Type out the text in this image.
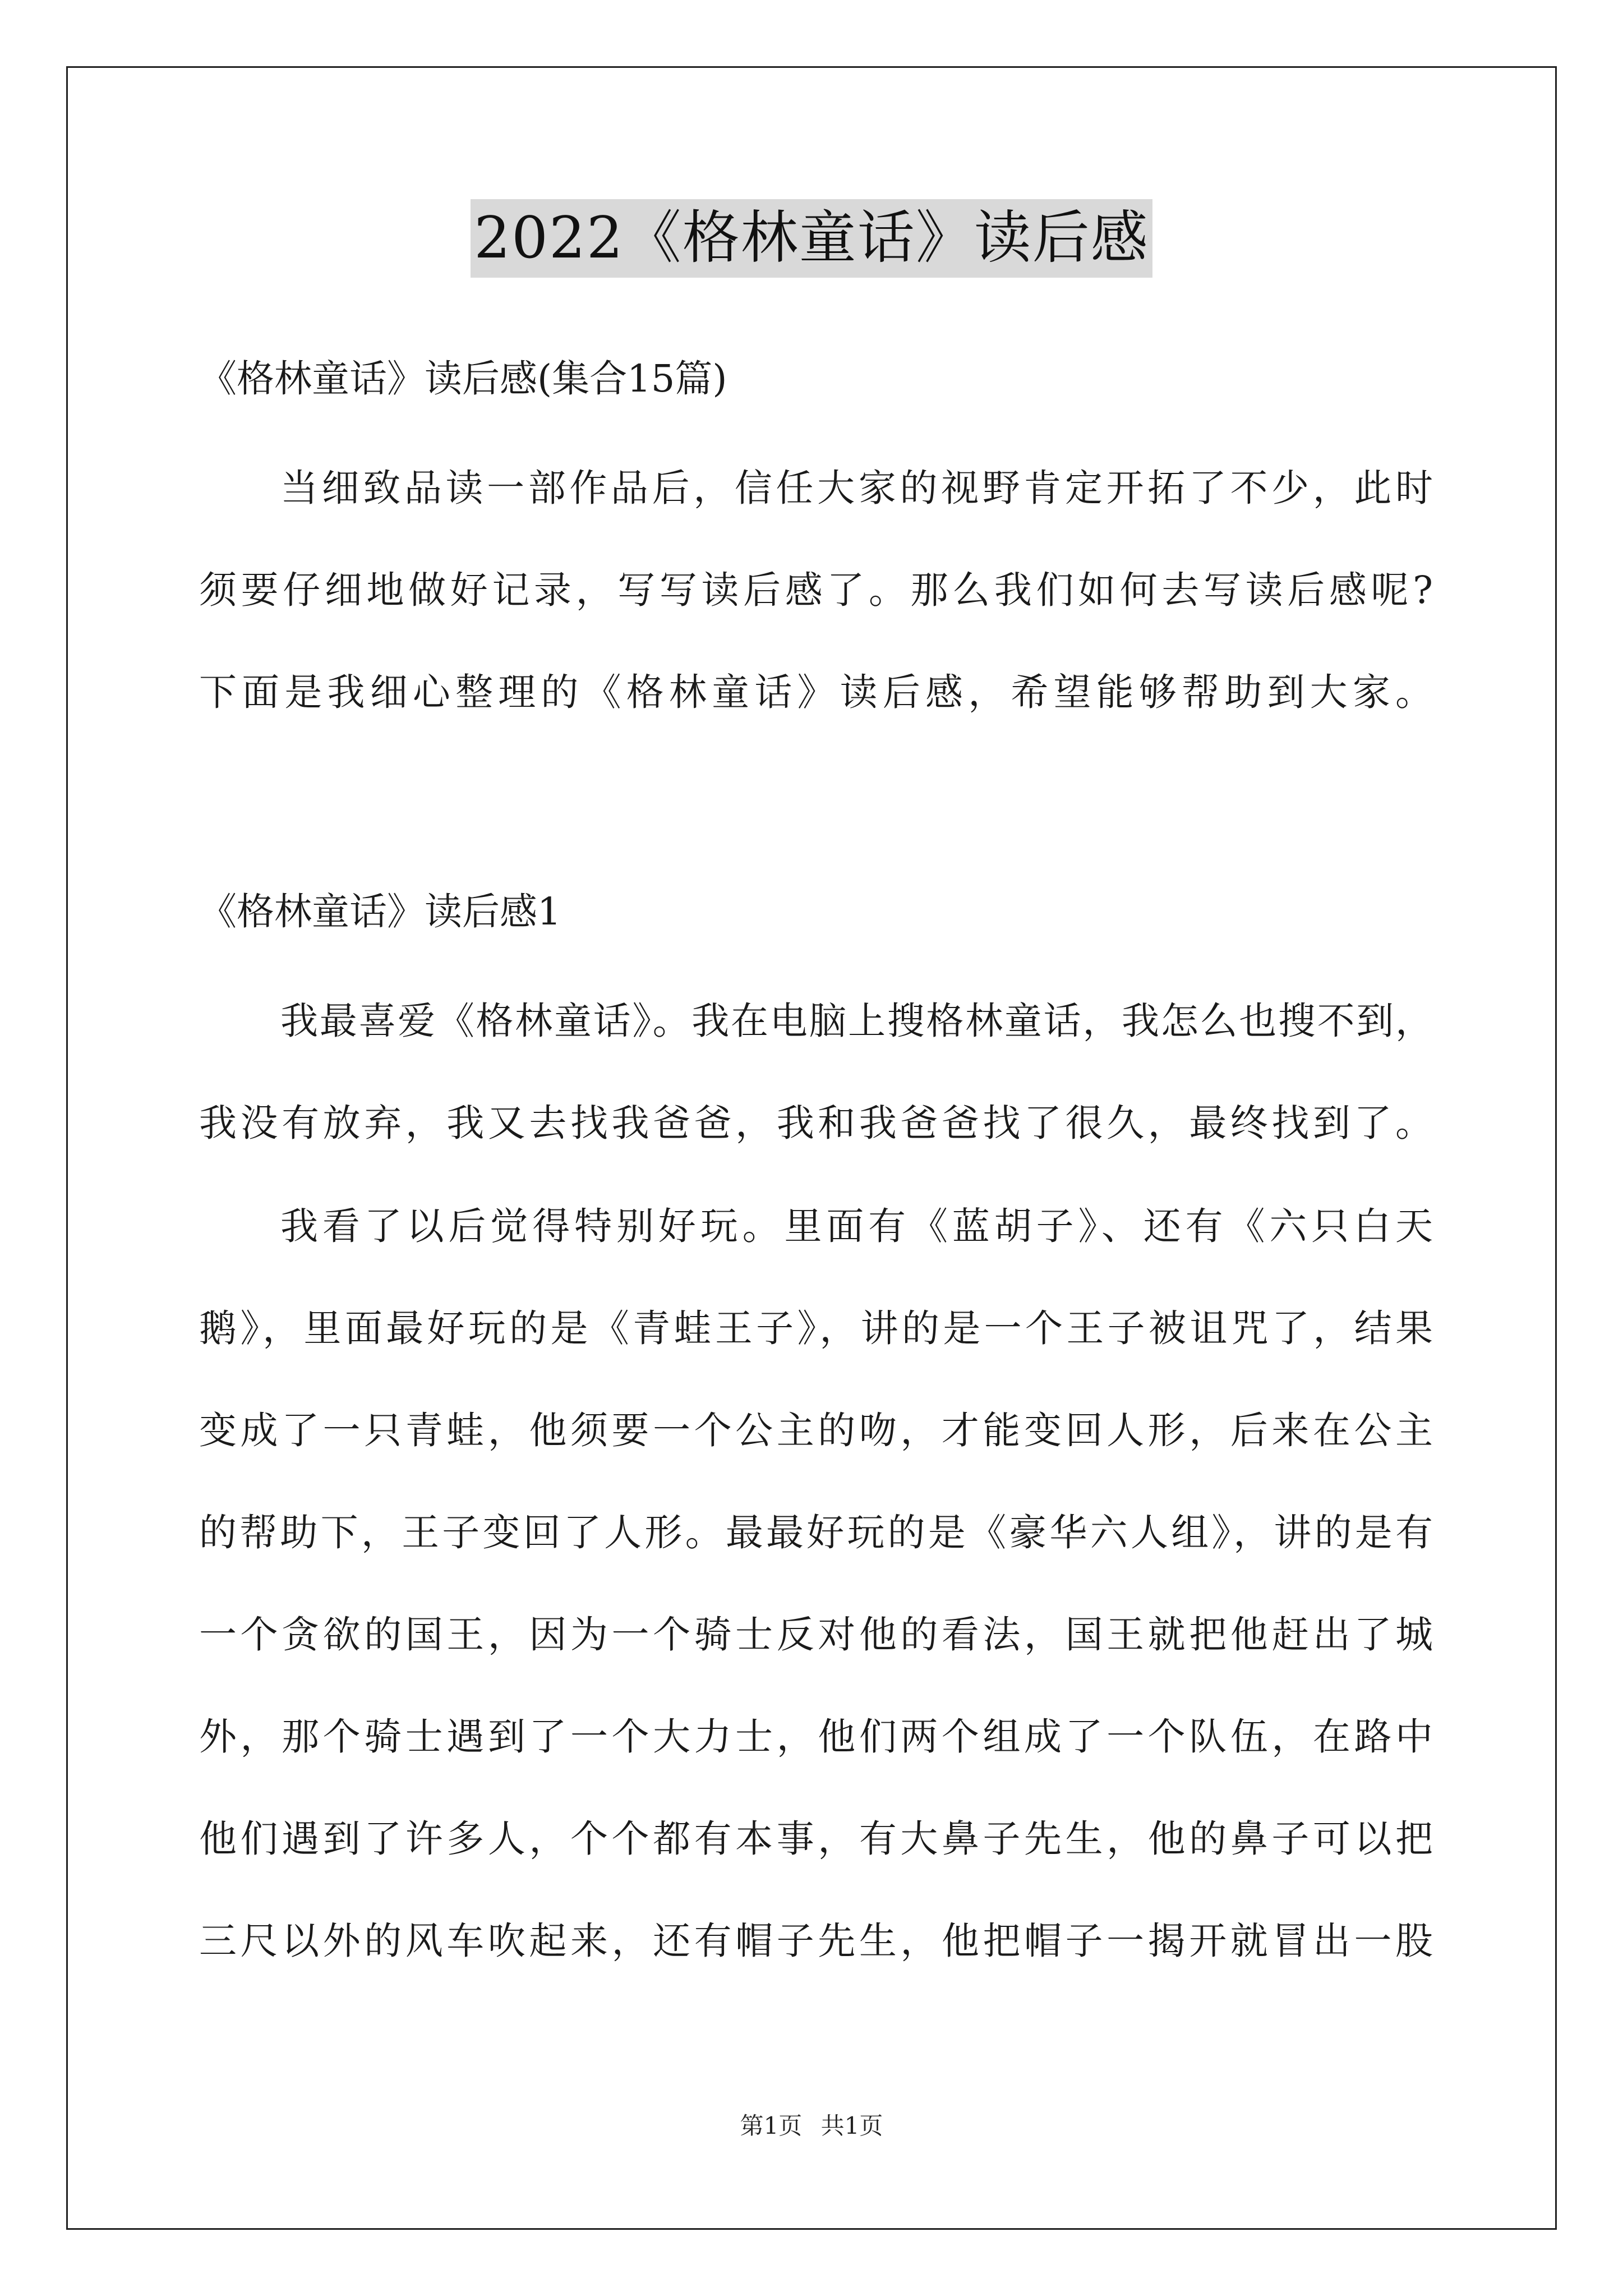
2022《格林童话》读后感
《格林童话》读后感(集合15篇)
当细致品读一部作品后，信任大家的视野肯定开拓了不少，此时
须要仔细地做好记录，写写读后感了。那么我们如何去写读后感呢?
下面是我细心整理的《格林童话》读后感，希望能够帮助到大家。
《格林童话》读后感1
我最喜爱《格林童话》。我在电脑上搜格林童话，我怎么也搜不到，
我没有放弃，我又去找我爸爸，我和我爸爸找了很久，最终找到了。
我看了以后觉得特别好玩。里面有《蓝胡子》、还有《六只白天
鹅》，里面最好玩的是《青蛙王子》，讲的是一个王子被诅咒了，结果
变成了一只青蛙，他须要一个公主的吻，才能变回人形，后来在公主
的帮助下，王子变回了人形。最最好玩的是《豪华六人组》，讲的是有
一个贪欲的国王，因为一个骑士反对他的看法，国王就把他赶出了城
外，那个骑士遇到了一个大力士，他们两个组成了一个队伍，在路中
他们遇到了许多人，个个都有本事，有大鼻子先生，他的鼻子可以把
三尺以外的风车吹起来，还有帽子先生，他把帽子一揭开就冒出一股
第1页 共1页
